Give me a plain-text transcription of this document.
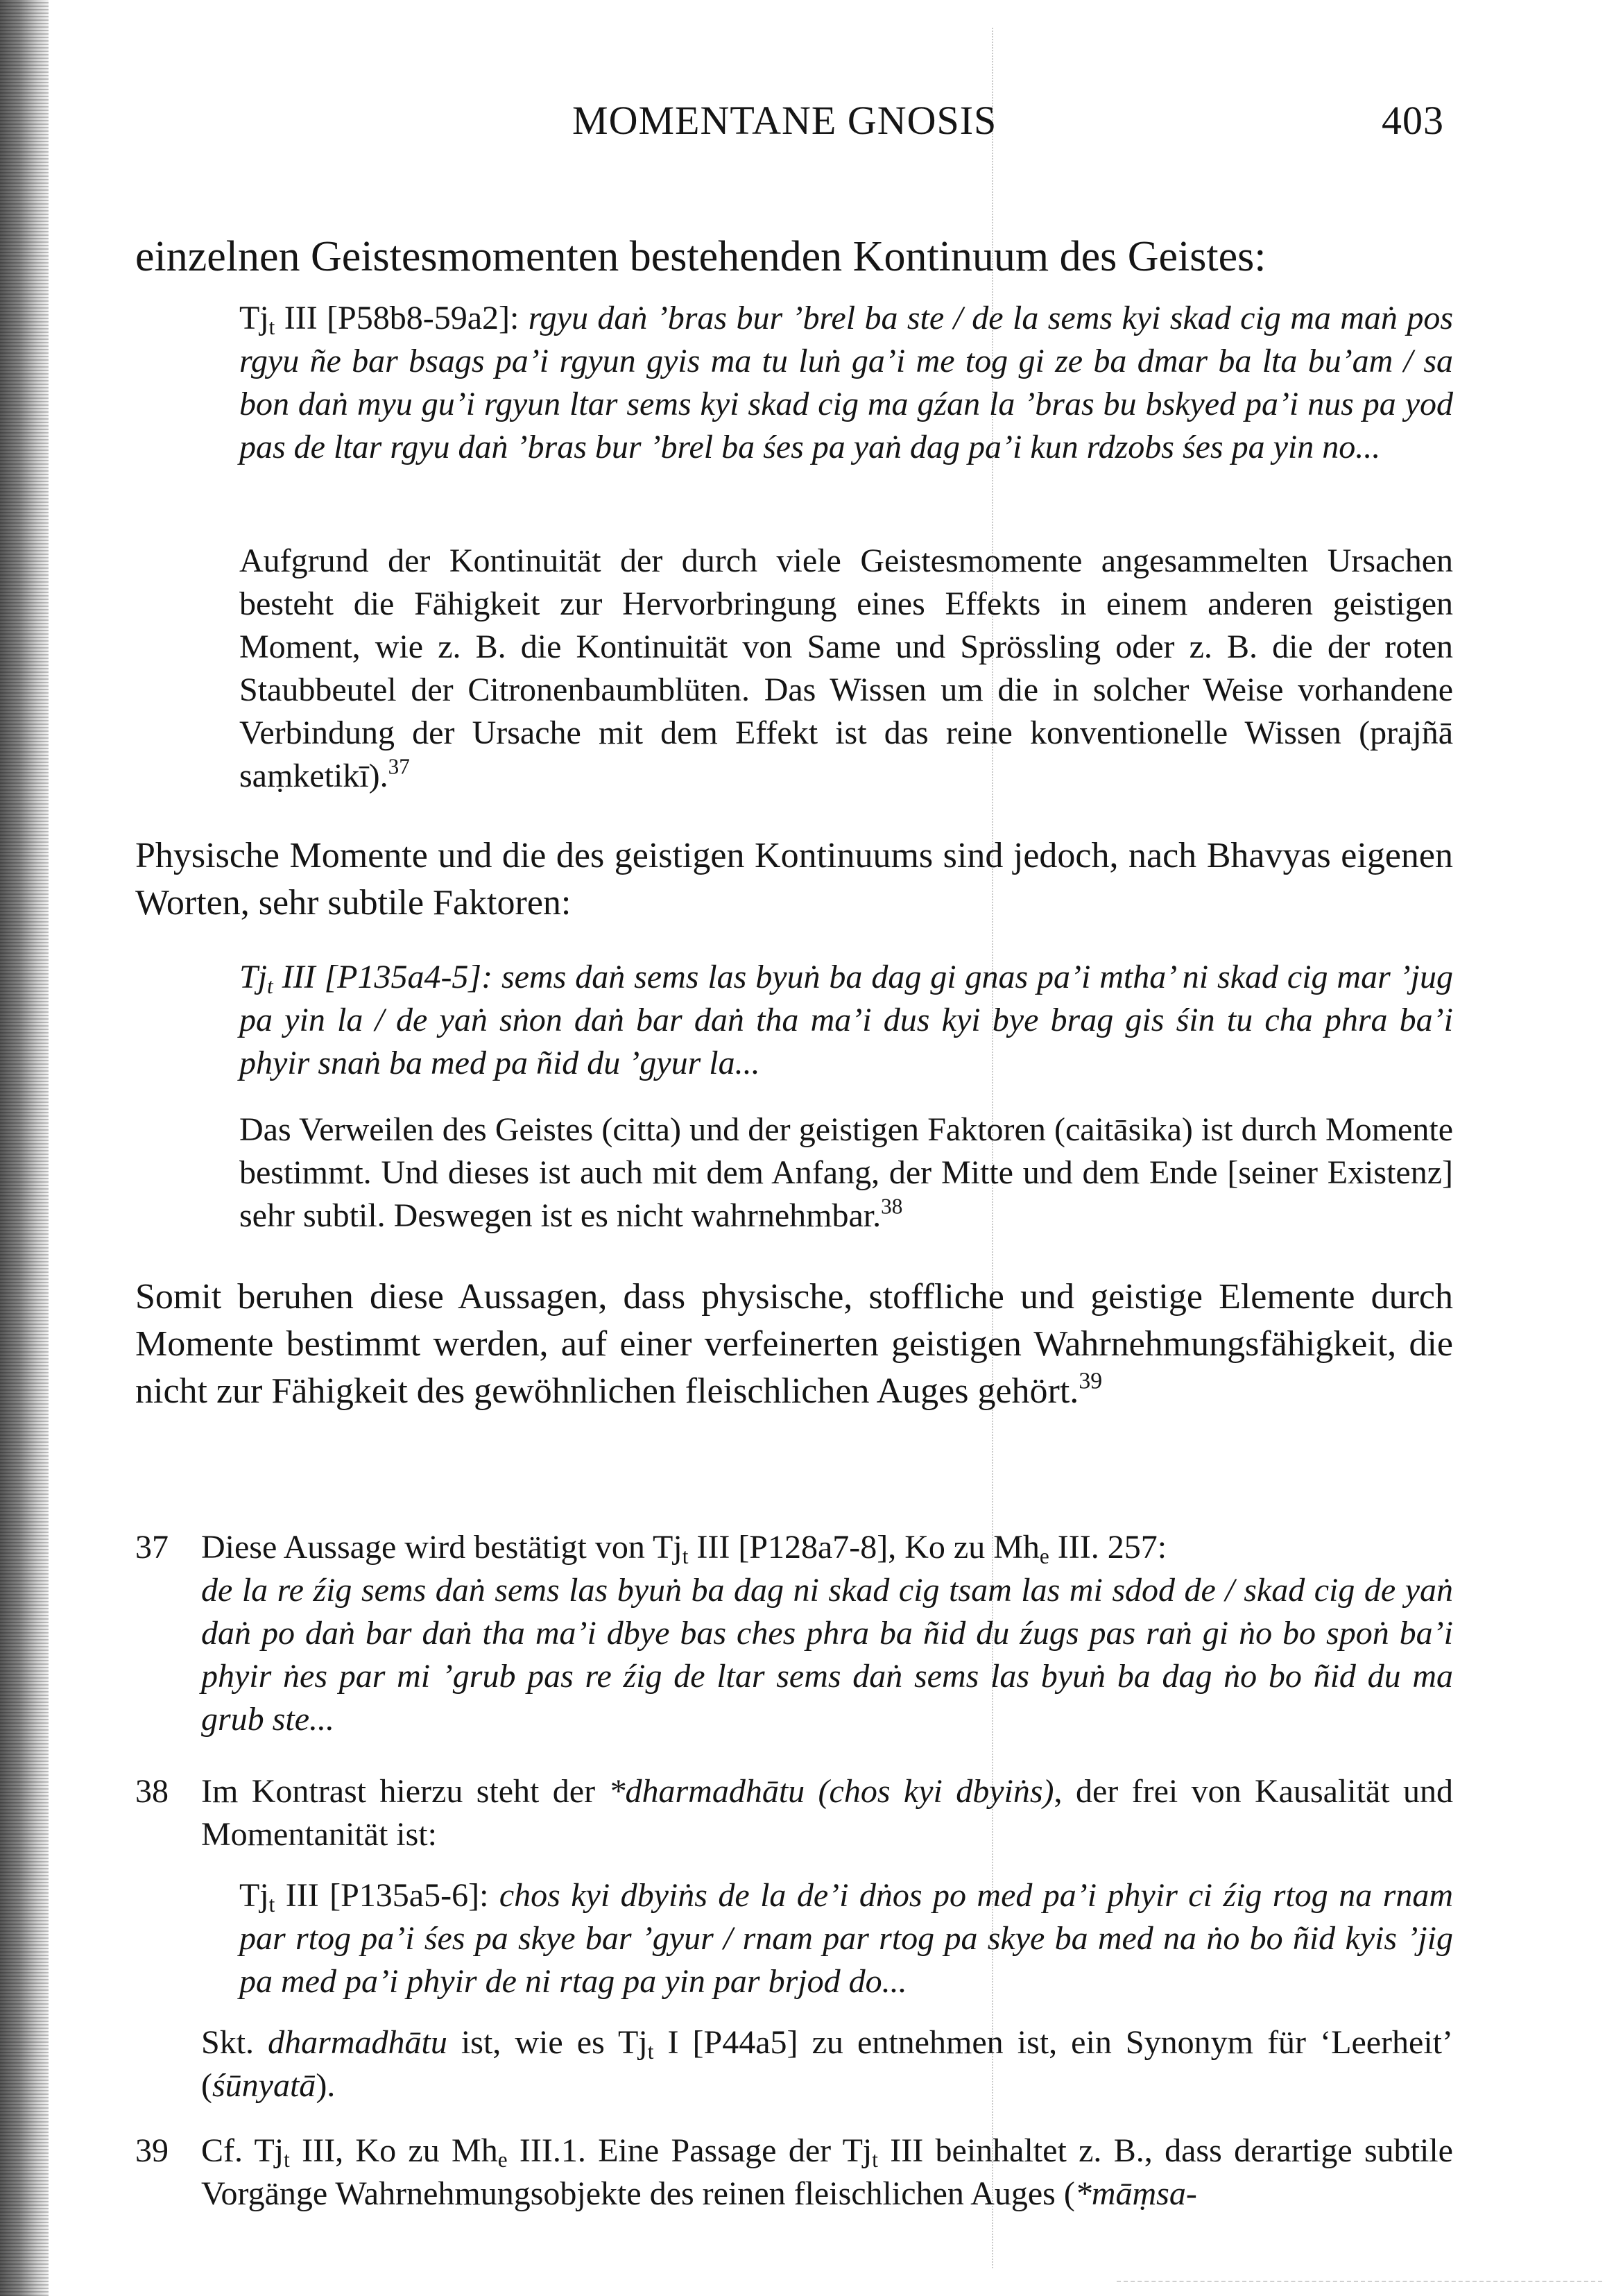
MOMENTANE GNOSIS	403

einzelnen Geistesmomenten bestehenden Kontinuum des Geistes:

$Tj_t$ III [P58b8-59a2]: rgyu daṅ ’bras bur ’brel ba ste / de la sems kyi skad cig ma maṅ pos rgyu ñe bar bsags pa’i rgyun gyis ma tu luṅ ga’i me tog gi ze ba dmar ba lta bu’am / sa bon daṅ myu gu’i rgyun ltar sems kyi skad cig ma gźan la ’bras bu bskyed pa’i nus pa yod pas de ltar rgyu daṅ ’bras bur ’brel ba śes pa yaṅ dag pa’i kun rdzobs śes pa yin no...
Aufgrund der Kontinuität der durch viele Geistesmomente angesammelten Ursachen besteht die Fähigkeit zur Hervorbringung eines Effekts in einem anderen geistigen Moment, wie z. B. die Kontinuität von Same und Sprössling oder z. B. die der roten Staubbeutel der Citronenbaumblüten. Das Wissen um die in solcher Weise vorhandene Verbindung der Ursache mit dem Effekt ist das reine konventionelle Wissen (prajñā saṃketikī).$^{37}$

Physische Momente und die des geistigen Kontinuums sind jedoch, nach Bhavyas eigenen Worten, sehr subtile Faktoren:

$Tj_t$ III [P135a4-5]: sems daṅ sems las byuṅ ba dag gi gnas pa’i mtha’ ni skad cig mar ’jug pa yin la / de yaṅ sṅon daṅ bar daṅ tha ma’i dus kyi bye brag gis śin tu cha phra ba’i phyir snaṅ ba med pa ñid du ’gyur la...
Das Verweilen des Geistes (citta) und der geistigen Faktoren (caitāsika) ist durch Momente bestimmt. Und dieses ist auch mit dem Anfang, der Mitte und dem Ende [seiner Existenz] sehr subtil. Deswegen ist es nicht wahrnehmbar.$^{38}$
Somit beruhen diese Aussagen, dass physische, stoffliche und geistige Elemente durch Momente bestimmt werden, auf einer verfeinerten geistigen Wahrnehmungsfähigkeit, die nicht zur Fähigkeit des gewöhnlichen fleischlichen Auges gehört.$^{39}$
37 Diese Aussage wird bestätigt von $Tj_t$ III [P128a7-8], Ko zu $Mh_e$ III. 257:

de la re źig sems daṅ sems las byuṅ ba dag ni skad cig tsam las mi sdod de / skad cig de yaṅ daṅ po daṅ bar daṅ tha ma’i dbye bas ches phra ba ñid du źugs pas raṅ gi ṅo bo spoṅ ba’i phyir ṅes par mi ’grub pas re źig de ltar sems daṅ sems las byuṅ ba dag ṅo bo ñid du ma grub ste...

38 Im Kontrast hierzu steht der *dharmadhātu (chos kyi dbyiṅs), der frei von Kausalität und Momentanität ist:

$Tj_t$ III [P135a5-6]: chos kyi dbyiṅs de la de’i dṅos po med pa’i phyir ci źig rtog na rnam par rtog pa’i śes pa skye bar ’gyur / rnam par rtog pa skye ba med na ṅo bo ñid kyis ’jig pa med pa’i phyir de ni rtag pa yin par brjod do...

Skt. dharmadhātu ist, wie es $Tj_t$ I [P44a5] zu entnehmen ist, ein Synonym für ‘Leerheit’ (śūnyatā).

39 Cf. $Tj_t$ III, Ko zu $Mh_e$ III.1. Eine Passage der $Tj_t$ III beinhaltet z. B., dass derartige subtile Vorgänge Wahrnehmungsobjekte des reinen fleischlichen Auges (*māṃsa-
